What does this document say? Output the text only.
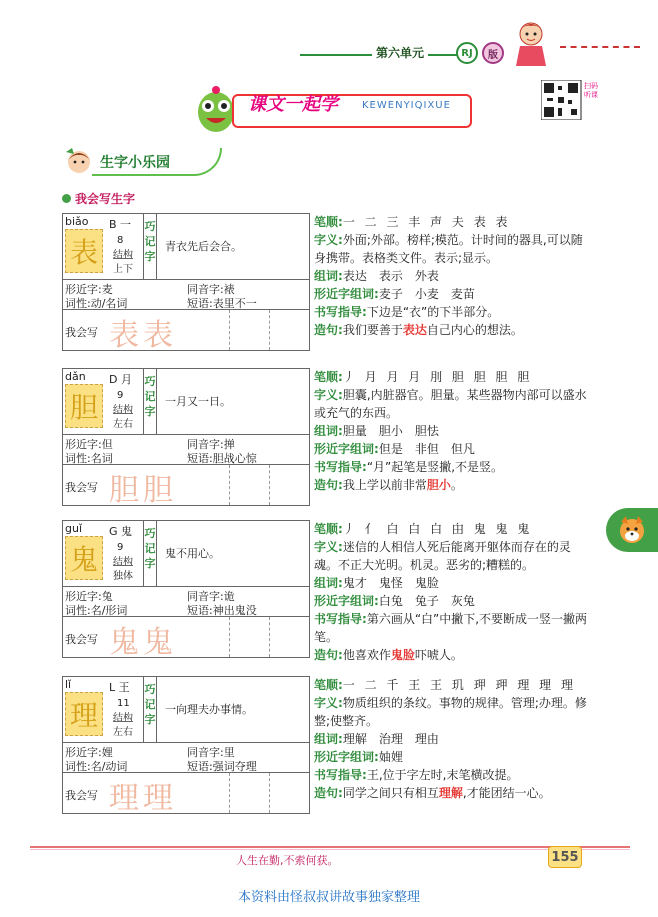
第六单元	RJ	版
课文一起学 KEWENYIQIXUE
扫码听课
生字小乐园
我会写生字
biǎo
表
B 一
8
结构
上下
巧记字
青衣先后会合。
形近字:麦	同音字:裱
词性:动/名词	短语:表里不一
我会写 表表
dǎn
胆
D 月
9
结构
左右
巧记字
一月又一日。
形近字:但	同音字:掸
词性:名词	短语:胆战心惊
我会写 胆胆
guǐ
鬼
G 鬼
9
结构
独体
巧记字
鬼不用心。
形近字:兔	同音字:诡
词性:名/形词	短语:神出鬼没
我会写 鬼鬼
lǐ
理
L 王
11
结构
左右
巧记字
一向理夫办事情。
形近字:娌	同音字:里
词性:名/动词	短语:强词夺理
我会写 理理
笔顺:一 二 三 丰 声 夫 表 表
字义:外面;外部。榜样;模范。计时间的器具,可以随身携带。表格类文件。表示;显示。
组词:表达　表示　外表
形近字组词:麦子　小麦　麦苗
书写指导:下边是“衣”的下半部分。
造句:我们要善于表达自己内心的想法。
笔顺:丿 月 月 月 刖 胆 胆 胆 胆
字义:胆囊,内脏器官。胆量。某些器物内部可以盛水或充气的东西。
组词:胆量　胆小　胆怯
形近字组词:但是　非但　但凡
书写指导:“月”起笔是竖撇,不是竖。
造句:我上学以前非常胆小。
笔顺:丿 亻 白 白 白 甶 鬼 鬼 鬼
字义:迷信的人相信人死后能离开躯体而存在的灵魂。不正大光明。机灵。恶劣的;糟糕的。
组词:鬼才　鬼怪　鬼脸
形近字组词:白兔　兔子　灰兔
书写指导:第六画从“白”中撇下,不要断成一竖一撇两笔。
造句:他喜欢作鬼脸吓唬人。
笔顺:一 二 千 王 王 玑 玾 玾 理 理 理
字义:物质组织的条纹。事物的规律。管理;办理。修整;使整齐。
组词:理解　治理　理由
形近字组词:妯娌
书写指导:王,位于字左时,末笔横改提。
造句:同学之间只有相互理解,才能团结一心。
人生在勤,不索何获。	155
本资料由怪叔叔讲故事独家整理
